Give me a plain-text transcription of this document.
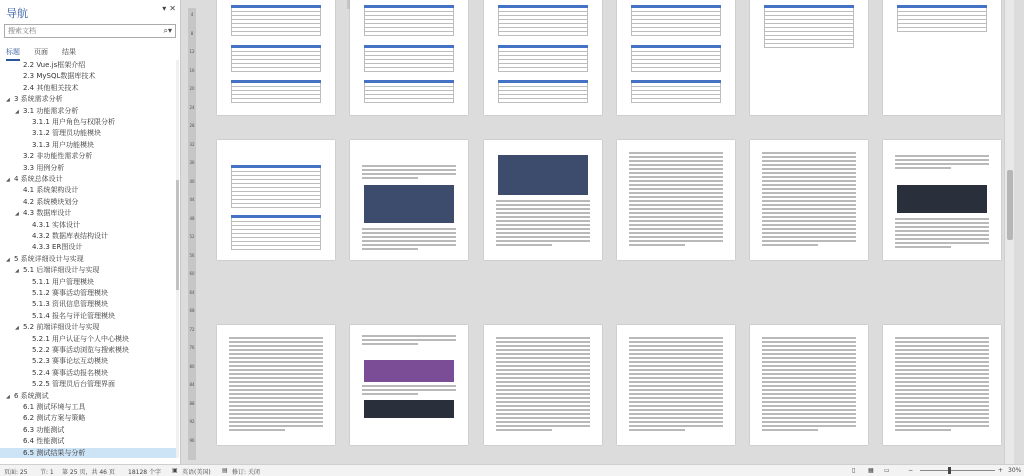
导航	▾ ✕
搜索文档
⌕▾
标题 页面 结果
2.2 Vue.js框架介绍
2.3 MySQL数据库技术
2.4 其他相关技术
◢ 3 系统需求分析
◢ 3.1 功能需求分析
3.1.1 用户角色与权限分析
3.1.2 管理员功能模块
3.1.3 用户功能模块
3.2 非功能性需求分析
3.3 用例分析
◢ 4 系统总体设计
4.1 系统架构设计
4.2 系统模块划分
◢ 4.3 数据库设计
4.3.1 实体设计
4.3.2 数据库表结构设计
4.3.3 ER图设计
◢ 5 系统详细设计与实现
◢ 5.1 后端详细设计与实现
5.1.1 用户管理模块
5.1.2 赛事活动管理模块
5.1.3 资讯信息管理模块
5.1.4 报名与评论管理模块
◢ 5.2 前端详细设计与实现
5.2.1 用户认证与个人中心模块
5.2.2 赛事活动浏览与搜索模块
5.2.3 赛事论坛互动模块
5.2.4 赛事活动报名模块
5.2.5 管理员后台管理界面
◢ 6 系统测试
6.1 测试环境与工具
6.2 测试方案与策略
6.3 功能测试
6.4 性能测试
6.5 测试结果与分析
4
8
12
16
20
24
28
32
36
40
44
48
52
56
60
64
68
72
76
80
84
88
92
96
页面: 25 节: 1 第 25 页，共 46 页 18128 个字 ▣ 英语(美国) ▤ 修订: 关闭	▯ ▦ ▭	−	+ 30%
